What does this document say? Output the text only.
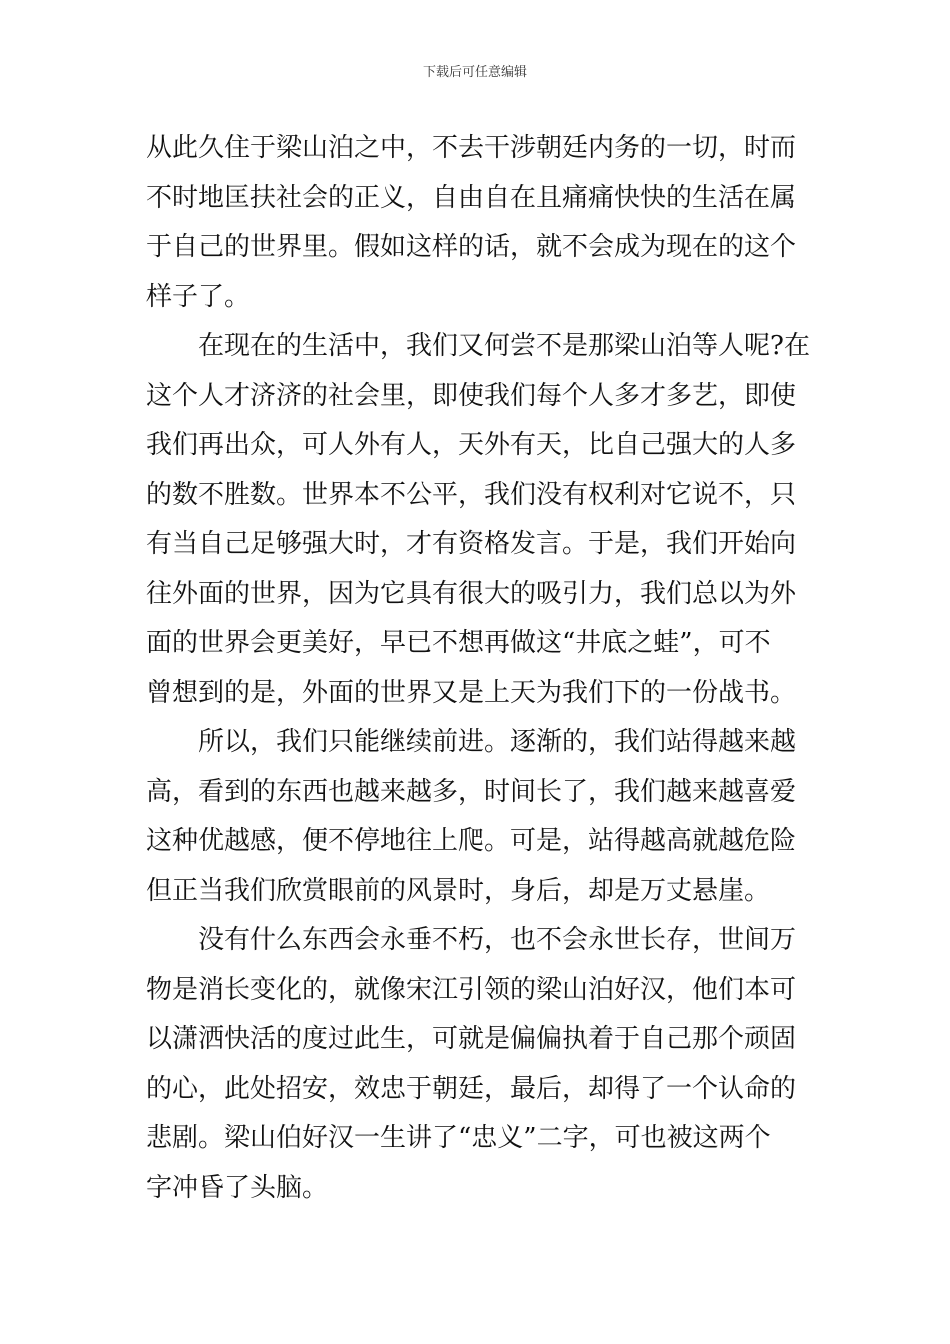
下载后可任意编辑
从此久住于梁山泊之中，不去干涉朝廷内务的一切，时而
不时地匡扶社会的正义，自由自在且痛痛快快的生活在属
于自己的世界里。假如这样的话，就不会成为现在的这个
样子了。
在现在的生活中，我们又何尝不是那梁山泊等人呢?在
这个人才济济的社会里，即使我们每个人多才多艺，即使
我们再出众，可人外有人，天外有天，比自己强大的人多
的数不胜数。世界本不公平，我们没有权利对它说不，只
有当自己足够强大时，才有资格发言。于是，我们开始向
往外面的世界，因为它具有很大的吸引力，我们总以为外
面的世界会更美好，早已不想再做这“井底之蛙”，可不
曾想到的是，外面的世界又是上天为我们下的一份战书。
所以，我们只能继续前进。逐渐的，我们站得越来越
高，看到的东西也越来越多，时间长了，我们越来越喜爱
这种优越感，便不停地往上爬。可是，站得越高就越危险
但正当我们欣赏眼前的风景时，身后，却是万丈悬崖。
没有什么东西会永垂不朽，也不会永世长存，世间万
物是消长变化的，就像宋江引领的梁山泊好汉，他们本可
以潇洒快活的度过此生，可就是偏偏执着于自己那个顽固
的心，此处招安，效忠于朝廷，最后，却得了一个认命的
悲剧。梁山伯好汉一生讲了“忠义”二字，可也被这两个
字冲昏了头脑。
